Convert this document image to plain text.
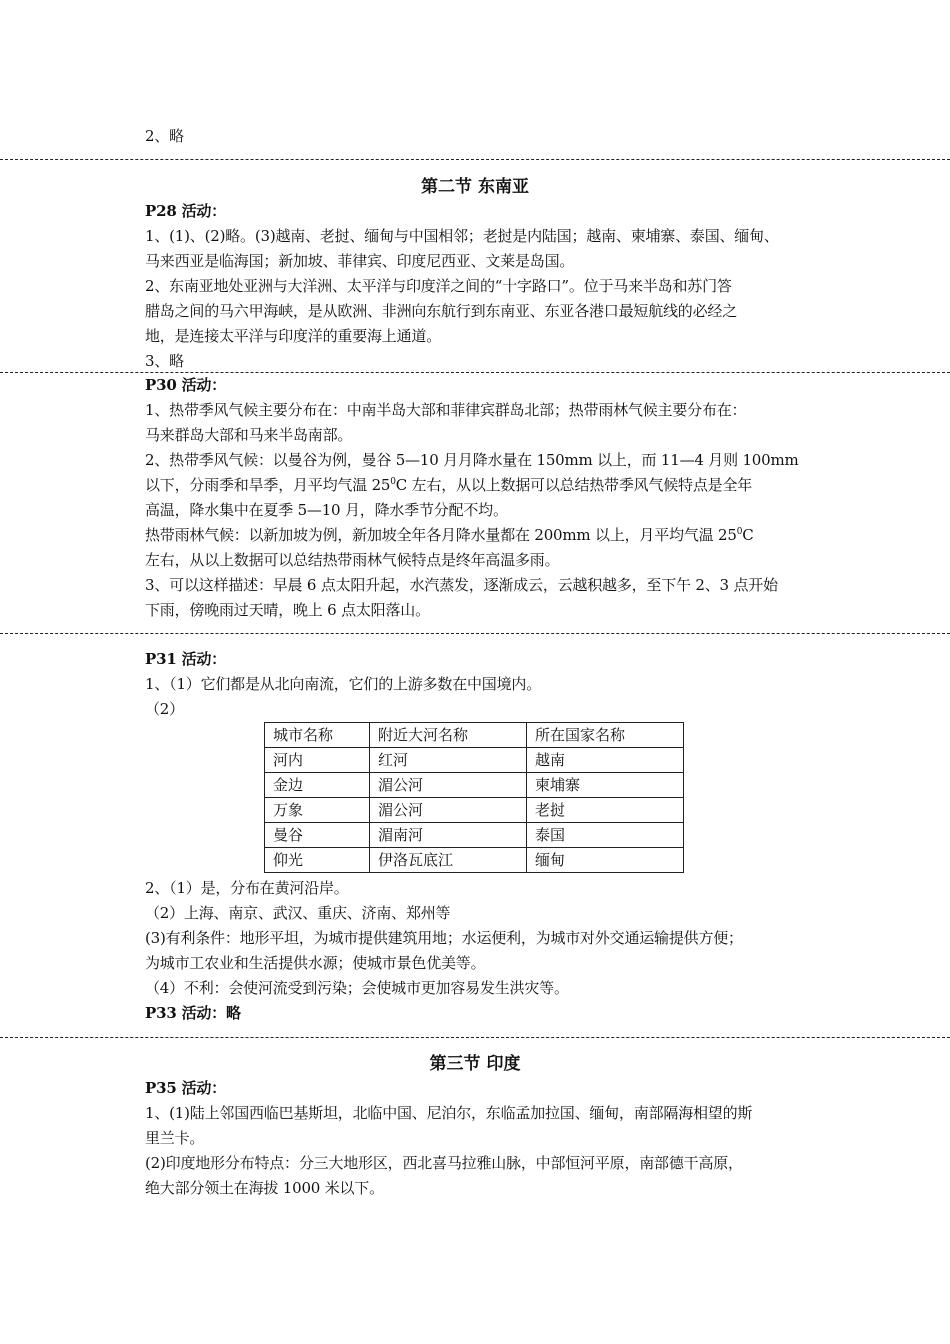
2、略
第二节 东南亚
P28 活动：
1、(1)、(2)略。(3)越南、老挝、缅甸与中国相邻；老挝是内陆国；越南、柬埔寨、泰国、缅甸、
马来西亚是临海国；新加坡、菲律宾、印度尼西亚、文莱是岛国。
2、东南亚地处亚洲与大洋洲、太平洋与印度洋之间的“十字路口”。位于马来半岛和苏门答
腊岛之间的马六甲海峡，是从欧洲、非洲向东航行到东南亚、东亚各港口最短航线的必经之
地，是连接太平洋与印度洋的重要海上通道。
3、略
P30 活动：
1、热带季风气候主要分布在：中南半岛大部和菲律宾群岛北部；热带雨林气候主要分布在：
马来群岛大部和马来半岛南部。
2、热带季风气候：以曼谷为例，曼谷 5—10 月月降水量在 150mm 以上，而 11—4 月则 100mm
以下，分雨季和旱季，月平均气温 $25^0C$ 左右，从以上数据可以总结热带季风气候特点是全年
高温，降水集中在夏季 5—10 月，降水季节分配不均。
热带雨林气候：以新加坡为例，新加坡全年各月降水量都在 200mm 以上，月平均气温 $25^0C$
左右，从以上数据可以总结热带雨林气候特点是终年高温多雨。
3、可以这样描述：早晨 6 点太阳升起，水汽蒸发，逐渐成云，云越积越多，至下午 2、3 点开始
下雨，傍晚雨过天晴，晚上 6 点太阳落山。
P31 活动：
1、（1）它们都是从北向南流，它们的上游多数在中国境内。
（2）
城市名称	附近大河名称	所在国家名称
河内	红河	越南
金边	湄公河	柬埔寨
万象	湄公河	老挝
曼谷	湄南河	泰国
仰光	伊洛瓦底江	缅甸
2、（1）是，分布在黄河沿岸。
（2）上海、南京、武汉、重庆、济南、郑州等
(3)有利条件：地形平坦，为城市提供建筑用地；水运便利，为城市对外交通运输提供方便；
为城市工农业和生活提供水源；使城市景色优美等。
（4）不利：会使河流受到污染；会使城市更加容易发生洪灾等。
P33 活动：略
第三节 印度
P35 活动：
1、(1)陆上邻国西临巴基斯坦，北临中国、尼泊尔，东临孟加拉国、缅甸，南部隔海相望的斯
里兰卡。
(2)印度地形分布特点：分三大地形区，西北喜马拉雅山脉，中部恒河平原，南部德干高原，
绝大部分领土在海拔 1000 米以下。
